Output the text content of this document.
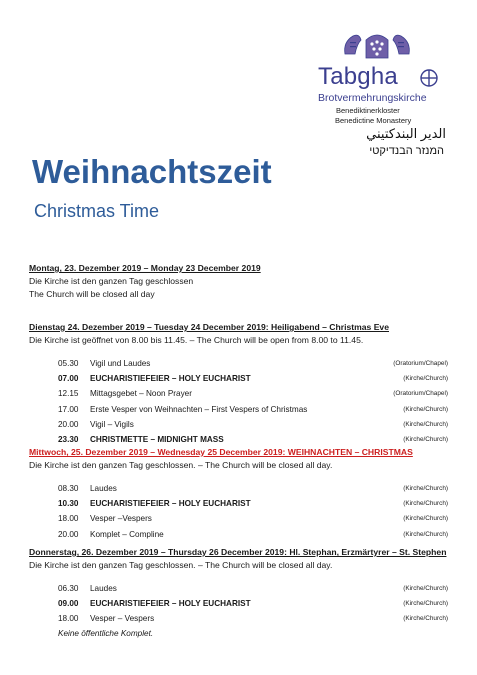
Tabgha
Brotvermehrungskirche
Benediktinerkloster
Benedictine Monastery
الدير البندكتيني
המנזר הבנדיקטי
Weihnachtszeit
Christmas Time
Montag, 23. Dezember 2019 – Monday 23 December 2019
Die Kirche ist den ganzen Tag geschlossen
The Church will be closed all day
Dienstag 24. Dezember 2019 – Tuesday 24 December 2019: Heiligabend – Christmas Eve
Die Kirche ist geöffnet von 8.00 bis 11.45. – The Church will be open from 8.00 to 11.45.
05.30 Vigil und Laudes	(Oratorium/Chapel)
07.00 EUCHARISTIEFEIER – HOLY EUCHARIST	(Kirche/Church)
12.15 Mittagsgebet – Noon Prayer	(Oratorium/Chapel)
17.00 Erste Vesper von Weihnachten – First Vespers of Christmas	(Kirche/Church)
20.00 Vigil – Vigils	(Kirche/Church)
23.30 CHRISTMETTE – MIDNIGHT MASS	(Kirche/Church)
Mittwoch, 25. Dezember 2019 – Wednesday 25 December 2019: WEIHNACHTEN – CHRISTMAS
Die Kirche ist den ganzen Tag geschlossen. – The Church will be closed all day.
08.30 Laudes	(Kirche/Church)
10.30 EUCHARISTIEFEIER – HOLY EUCHARIST	(Kirche/Church)
18.00 Vesper –Vespers	(Kirche/Church)
20.00 Komplet – Compline	(Kirche/Church)
Donnerstag, 26. Dezember 2019 – Thursday 26 December 2019: Hl. Stephan, Erzmärtyrer – St. Stephen
Die Kirche ist den ganzen Tag geschlossen. – The Church will be closed all day.
06.30 Laudes	(Kirche/Church)
09.00 EUCHARISTIEFEIER – HOLY EUCHARIST	(Kirche/Church)
18.00 Vesper – Vespers	(Kirche/Church)
Keine öffentliche Komplet.
